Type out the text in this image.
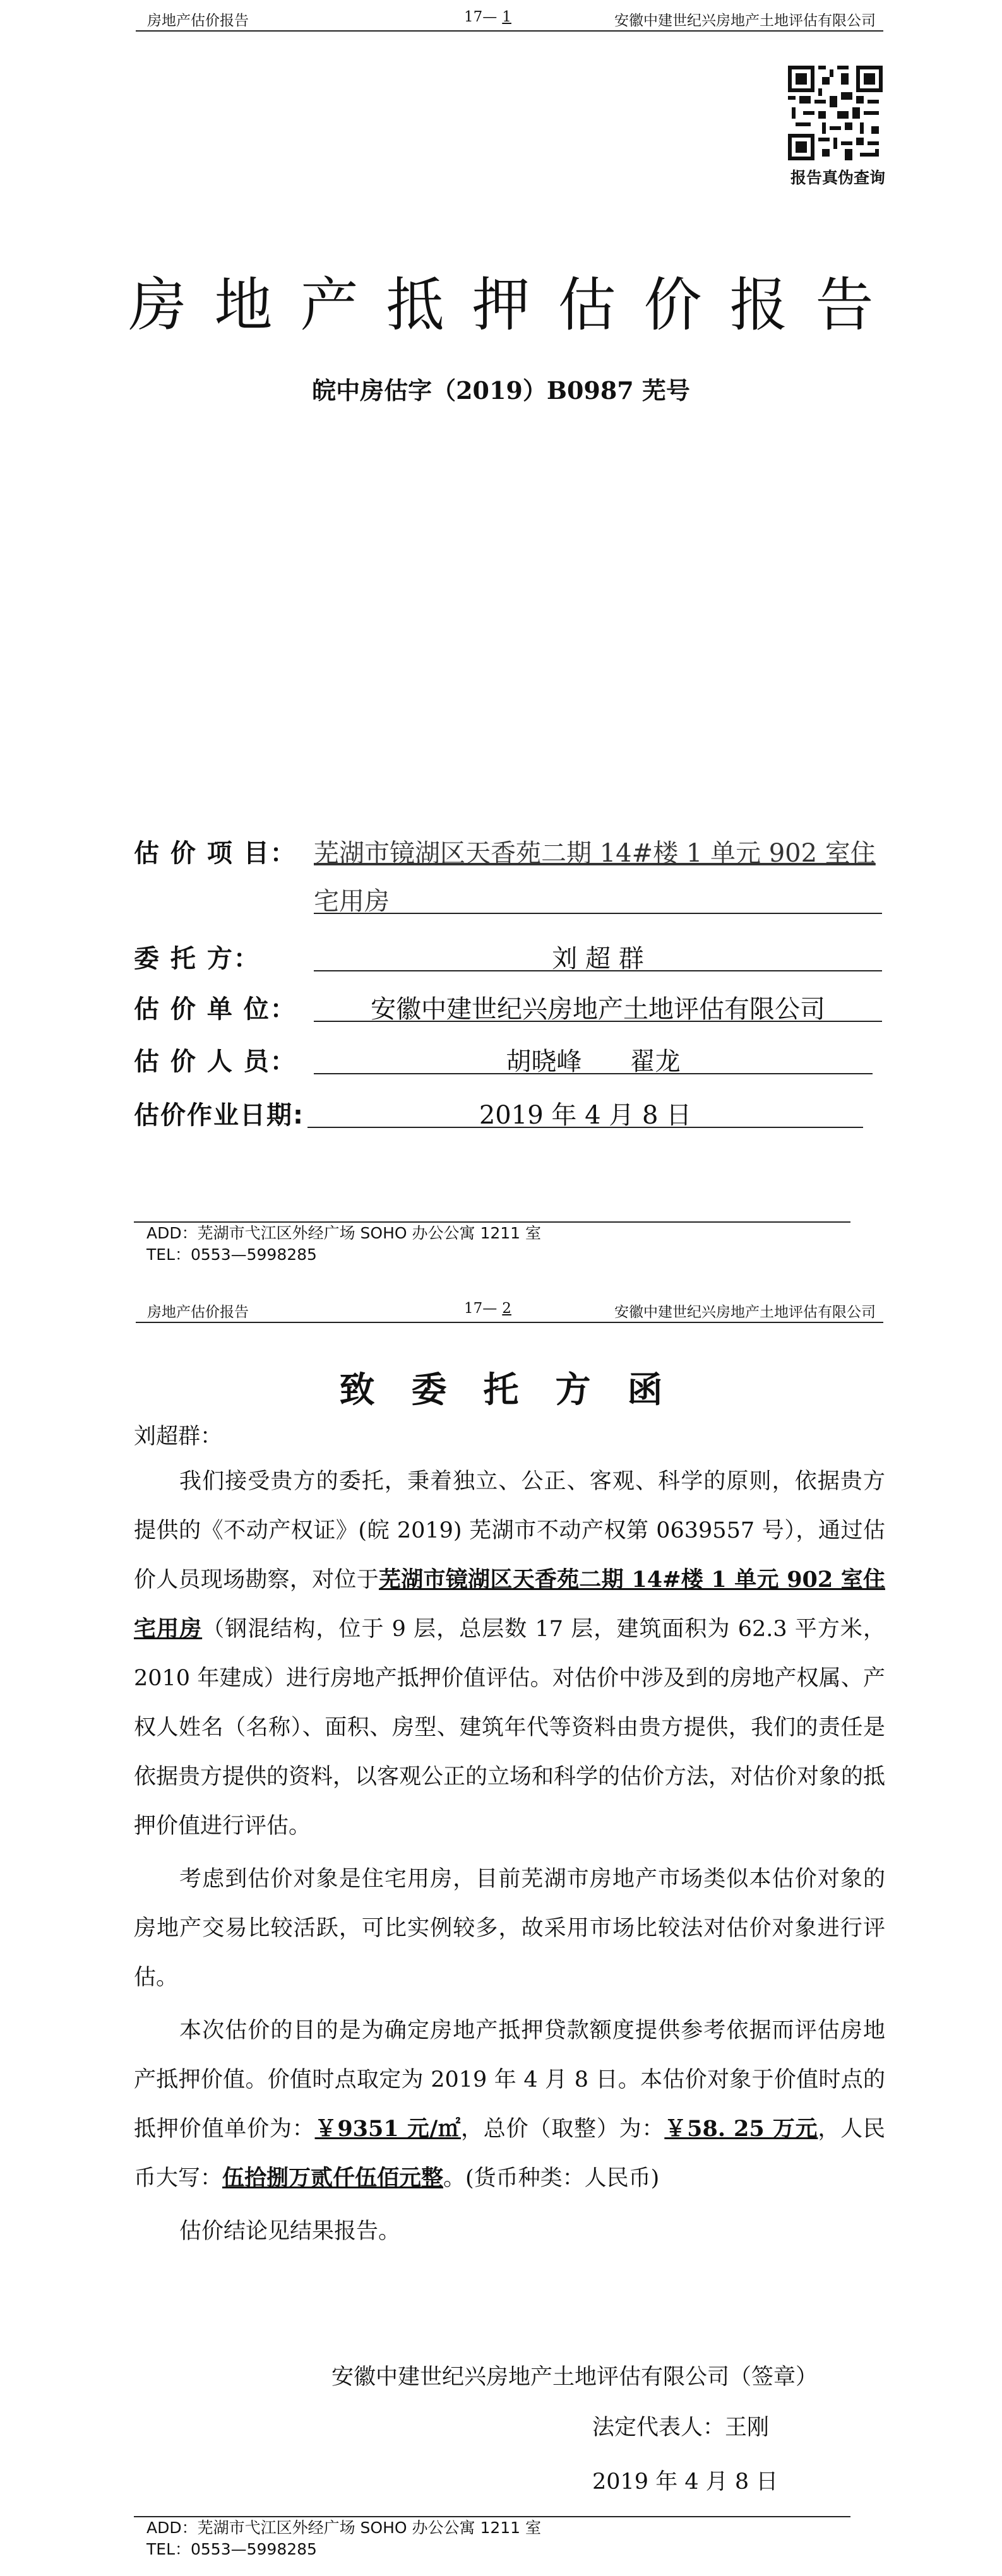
房地产估价报告	17— 1	安徽中建世纪兴房地产土地评估有限公司
报告真伪查询
房地产抵押估价报告
皖中房估字（2019）B0987 芜号
估 价 项 目： 芜湖市镜湖区天香苑二期 14#楼 1 单元 902 室住
宅用房
委 托 方：	刘 超 群
估 价 单 位：	安徽中建世纪兴房地产土地评估有限公司
估 价 人 员：	胡晓峰      翟龙
估价作业日期:	2019 年 4 月 8 日
ADD：芜湖市弋江区外经广场 SOHO 办公公寓 1211 室
TEL：0553—5998285
房地产估价报告	17— 2	安徽中建世纪兴房地产土地评估有限公司
致委托方函
刘超群：

我们接受贵方的委托，秉着独立、公正、客观、科学的原则，依据贵方提供的《不动产权证》(皖 2019) 芜湖市不动产权第 0639557 号），通过估价人员现场勘察，对位于芜湖市镜湖区天香苑二期 14#楼 1 单元 902 室住宅用房（钢混结构，位于 9 层，总层数 17 层，建筑面积为 62.3 平方米，2010 年建成）进行房地产抵押价值评估。对估价中涉及到的房地产权属、产权人姓名（名称）、面积、房型、建筑年代等资料由贵方提供，我们的责任是依据贵方提供的资料，以客观公正的立场和科学的估价方法，对估价对象的抵押价值进行评估。

考虑到估价对象是住宅用房，目前芜湖市房地产市场类似本估价对象的房地产交易比较活跃，可比实例较多，故采用市场比较法对估价对象进行评估。

本次估价的目的是为确定房地产抵押贷款额度提供参考依据而评估房地产抵押价值。价值时点取定为 2019 年 4 月 8 日。本估价对象于价值时点的抵押价值单价为：￥9351 元/㎡，总价（取整）为：￥58. 25 万元，人民币大写：伍拾捌万贰仟伍佰元整。(货币种类：人民币)

估价结论见结果报告。

安徽中建世纪兴房地产土地评估有限公司（签章）
法定代表人：王刚
2019 年 4 月 8 日
ADD：芜湖市弋江区外经广场 SOHO 办公公寓 1211 室
TEL：0553—5998285
